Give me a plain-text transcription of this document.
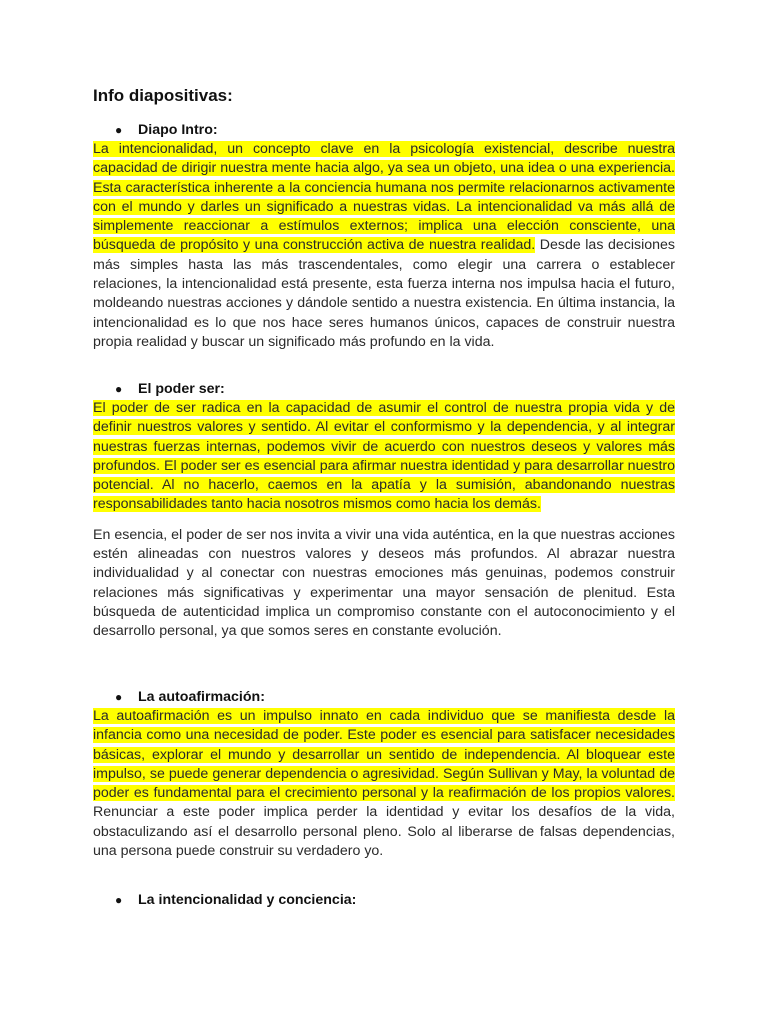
Info diapositivas:
● Diapo Intro:

La intencionalidad, un concepto clave en la psicología existencial, describe nuestra capacidad de dirigir nuestra mente hacia algo, ya sea un objeto, una idea o una experiencia. Esta característica inherente a la conciencia humana nos permite relacionarnos activamente con el mundo y darles un significado a nuestras vidas. La intencionalidad va más allá de simplemente reaccionar a estímulos externos; implica una elección consciente, una búsqueda de propósito y una construcción activa de nuestra realidad. Desde las decisiones más simples hasta las más trascendentales, como elegir una carrera o establecer relaciones, la intencionalidad está presente, esta fuerza interna nos impulsa hacia el futuro, moldeando nuestras acciones y dándole sentido a nuestra existencia. En última instancia, la intencionalidad es lo que nos hace seres humanos únicos, capaces de construir nuestra propia realidad y buscar un significado más profundo en la vida.

● El poder ser:

El poder de ser radica en la capacidad de asumir el control de nuestra propia vida y de definir nuestros valores y sentido. Al evitar el conformismo y la dependencia, y al integrar nuestras fuerzas internas, podemos vivir de acuerdo con nuestros deseos y valores más profundos. El poder ser es esencial para afirmar nuestra identidad y para desarrollar nuestro potencial. Al no hacerlo, caemos en la apatía y la sumisión, abandonando nuestras responsabilidades tanto hacia nosotros mismos como hacia los demás.

En esencia, el poder de ser nos invita a vivir una vida auténtica, en la que nuestras acciones estén alineadas con nuestros valores y deseos más profundos. Al abrazar nuestra individualidad y al conectar con nuestras emociones más genuinas, podemos construir relaciones más significativas y experimentar una mayor sensación de plenitud. Esta búsqueda de autenticidad implica un compromiso constante con el autoconocimiento y el desarrollo personal, ya que somos seres en constante evolución.

● La autoafirmación:

La autoafirmación es un impulso innato en cada individuo que se manifiesta desde la infancia como una necesidad de poder. Este poder es esencial para satisfacer necesidades básicas, explorar el mundo y desarrollar un sentido de independencia. Al bloquear este impulso, se puede generar dependencia o agresividad. Según Sullivan y May, la voluntad de poder es fundamental para el crecimiento personal y la reafirmación de los propios valores. Renunciar a este poder implica perder la identidad y evitar los desafíos de la vida, obstaculizando así el desarrollo personal pleno. Solo al liberarse de falsas dependencias, una persona puede construir su verdadero yo.

● La intencionalidad y conciencia:
